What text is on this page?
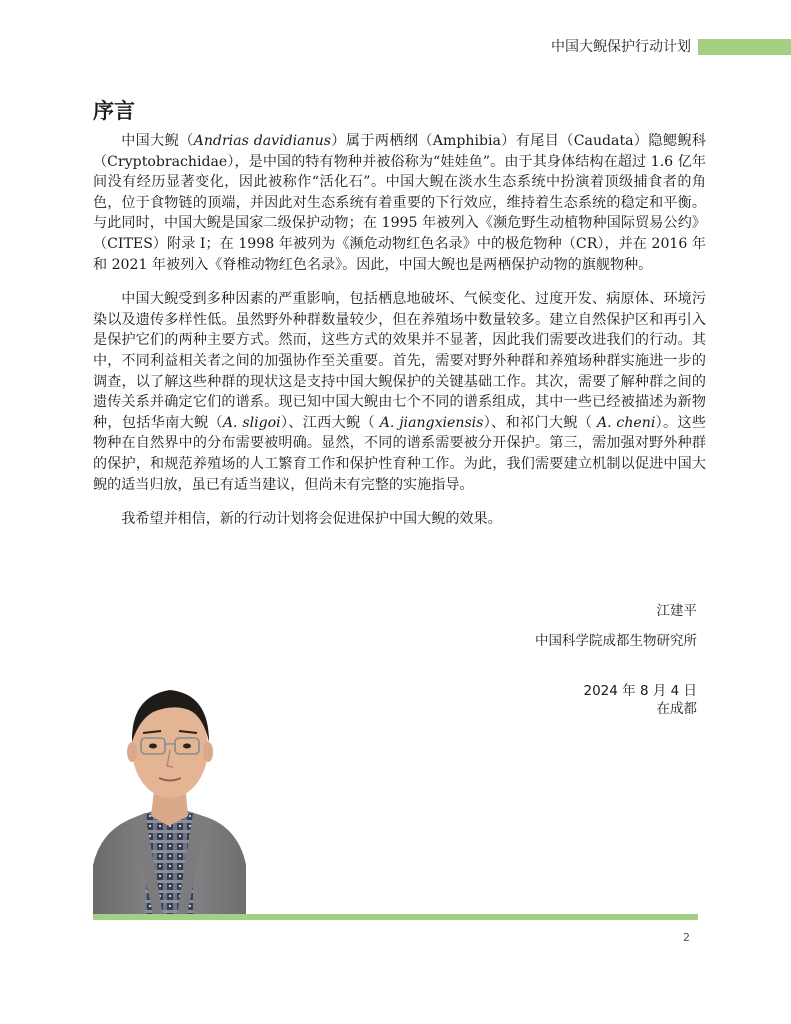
中国大鲵保护行动计划
序言

中国大鲵（Andrias davidianus）属于两栖纲（Amphibia）有尾目（Caudata）隐鳃鲵科（Cryptobrachidae），是中国的特有物种并被俗称为“娃娃鱼”。由于其身体结构在超过 1.6 亿年间没有经历显著变化，因此被称作“活化石”。中国大鲵在淡水生态系统中扮演着顶级捕食者的角色，位于食物链的顶端，并因此对生态系统有着重要的下行效应，维持着生态系统的稳定和平衡。与此同时，中国大鲵是国家二级保护动物；在 1995 年被列入《濒危野生动植物种国际贸易公约》（CITES）附录 I；在 1998 年被列为《濒危动物红色名录》中的极危物种（CR），并在 2016 年和 2021 年被列入《脊椎动物红色名录》。因此，中国大鲵也是两栖保护动物的旗舰物种。

中国大鲵受到多种因素的严重影响，包括栖息地破坏、气候变化、过度开发、病原体、环境污染以及遗传多样性低。虽然野外种群数量较少，但在养殖场中数量较多。建立自然保护区和再引入是保护它们的两种主要方式。然而，这些方式的效果并不显著，因此我们需要改进我们的行动。其中，不同利益相关者之间的加强协作至关重要。首先，需要对野外种群和养殖场种群实施进一步的调查，以了解这些种群的现状这是支持中国大鲵保护的关键基础工作。其次，需要了解种群之间的遗传关系并确定它们的谱系。现已知中国大鲵由七个不同的谱系组成，其中一些已经被描述为新物种，包括华南大鲵（A. sligoi）、江西大鲵（ A. jiangxiensis）、和祁门大鲵（ A. cheni）。这些物种在自然界中的分布需要被明确。显然，不同的谱系需要被分开保护。第三，需加强对野外种群的保护，和规范养殖场的人工繁育工作和保护性育种工作。为此，我们需要建立机制以促进中国大鲵的适当归放，虽已有适当建议，但尚未有完整的实施指导。

我希望并相信，新的行动计划将会促进保护中国大鲵的效果。

江建平
中国科学院成都生物研究所
2024 年 8 月 4 日
在成都
2
